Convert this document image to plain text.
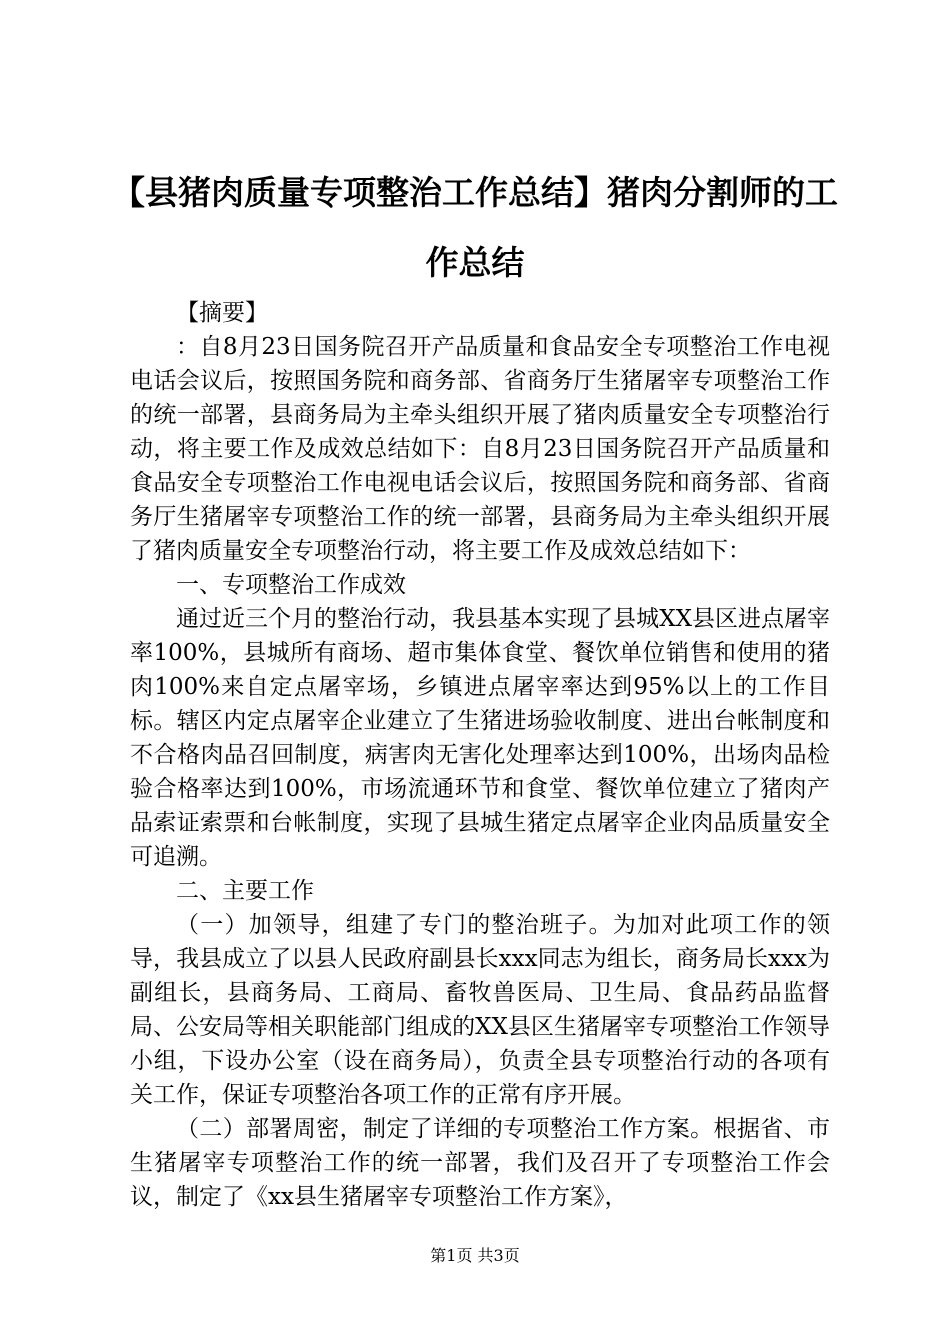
【县猪肉质量专项整治工作总结】猪肉分割师的工作总结

【摘要】

：自8月23日国务院召开产品质量和食品安全专项整治工作电视电话会议后，按照国务院和商务部、省商务厅生猪屠宰专项整治工作的统一部署，县商务局为主牵头组织开展了猪肉质量安全专项整治行动，将主要工作及成效总结如下：自8月23日国务院召开产品质量和食品安全专项整治工作电视电话会议后，按照国务院和商务部、省商务厅生猪屠宰专项整治工作的统一部署，县商务局为主牵头组织开展了猪肉质量安全专项整治行动，将主要工作及成效总结如下：

一、专项整治工作成效

通过近三个月的整治行动，我县基本实现了县城XX县区进点屠宰率100%，县城所有商场、超市集体食堂、餐饮单位销售和使用的猪肉100%来自定点屠宰场，乡镇进点屠宰率达到95%以上的工作目标。辖区内定点屠宰企业建立了生猪进场验收制度、进出台帐制度和不合格肉品召回制度，病害肉无害化处理率达到100%，出场肉品检验合格率达到100%，市场流通环节和食堂、餐饮单位建立了猪肉产品索证索票和台帐制度，实现了县城生猪定点屠宰企业肉品质量安全可追溯。

二、主要工作

（一）加领导，组建了专门的整治班子。为加对此项工作的领导，我县成立了以县人民政府副县长xxx同志为组长，商务局长xxx为副组长，县商务局、工商局、畜牧兽医局、卫生局、食品药品监督局、公安局等相关职能部门组成的XX县区生猪屠宰专项整治工作领导小组，下设办公室（设在商务局），负责全县专项整治行动的各项有关工作，保证专项整治各项工作的正常有序开展。

（二）部署周密，制定了详细的专项整治工作方案。根据省、市生猪屠宰专项整治工作的统一部署，我们及召开了专项整治工作会议，制定了《xx县生猪屠宰专项整治工作方案》，

第1页 共3页
